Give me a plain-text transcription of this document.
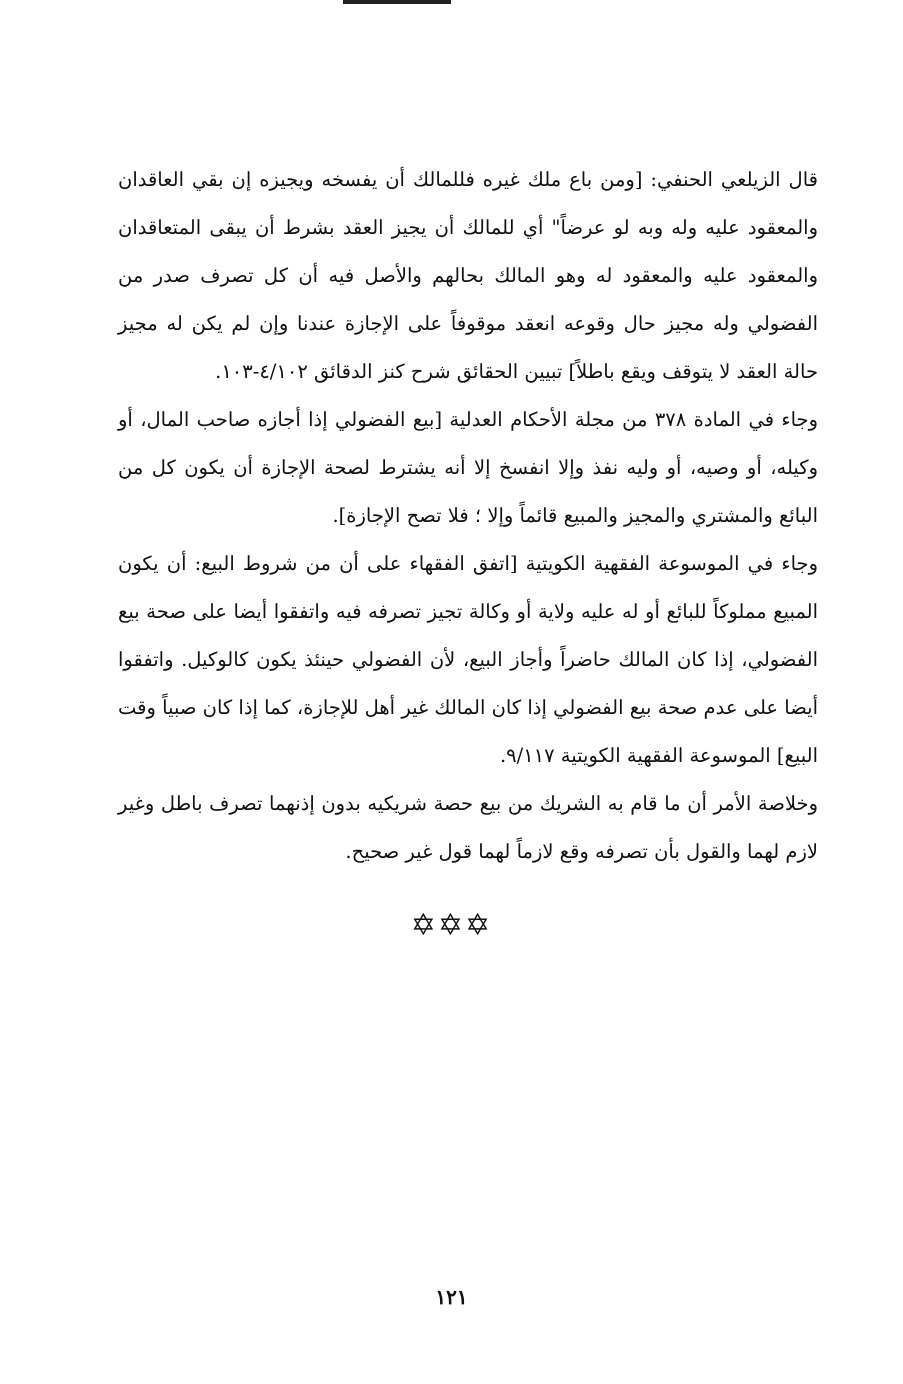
قال الزيلعي الحنفي: [ومن باع ملك غيره فللمالك أن يفسخه ويجيزه إن بقي العاقدان والمعقود عليه وله وبه لو عرضاً" أي للمالك أن يجيز العقد بشرط أن يبقى المتعاقدان والمعقود عليه والمعقود له وهو المالك بحالهم والأصل فيه أن كل تصرف صدر من الفضولي وله مجيز حال وقوعه انعقد موقوفاً على الإجازة عندنا وإن لم يكن له مجيز حالة العقد لا يتوقف ويقع باطلاً] تبيين الحقائق شرح كنز الدقائق ٤/١٠٢-١٠٣.

وجاء في المادة ٣٧٨ من مجلة الأحكام العدلية [بيع الفضولي إذا أجازه صاحب المال، أو وكيله، أو وصيه، أو وليه نفذ وإلا انفسخ إلا أنه يشترط لصحة الإجازة أن يكون كل من البائع والمشتري والمجيز والمبيع قائماً وإلا ؛ فلا تصح الإجازة].

وجاء في الموسوعة الفقهية الكويتية [اتفق الفقهاء على أن من شروط البيع: أن يكون المبيع مملوكاً للبائع أو له عليه ولاية أو وكالة تجيز تصرفه فيه واتفقوا أيضا على صحة بيع الفضولي، إذا كان المالك حاضراً وأجاز البيع، لأن الفضولي حينئذ يكون كالوكيل. واتفقوا أيضا على عدم صحة بيع الفضولي إذا كان المالك غير أهل للإجازة، كما إذا كان صبياً وقت البيع] الموسوعة الفقهية الكويتية ٩/١١٧.

وخلاصة الأمر أن ما قام به الشريك من بيع حصة شريكيه بدون إذنهما تصرف باطل وغير لازم لهما والقول بأن تصرفه وقع لازماً لهما قول غير صحيح.

✡✡✡
١٢١
